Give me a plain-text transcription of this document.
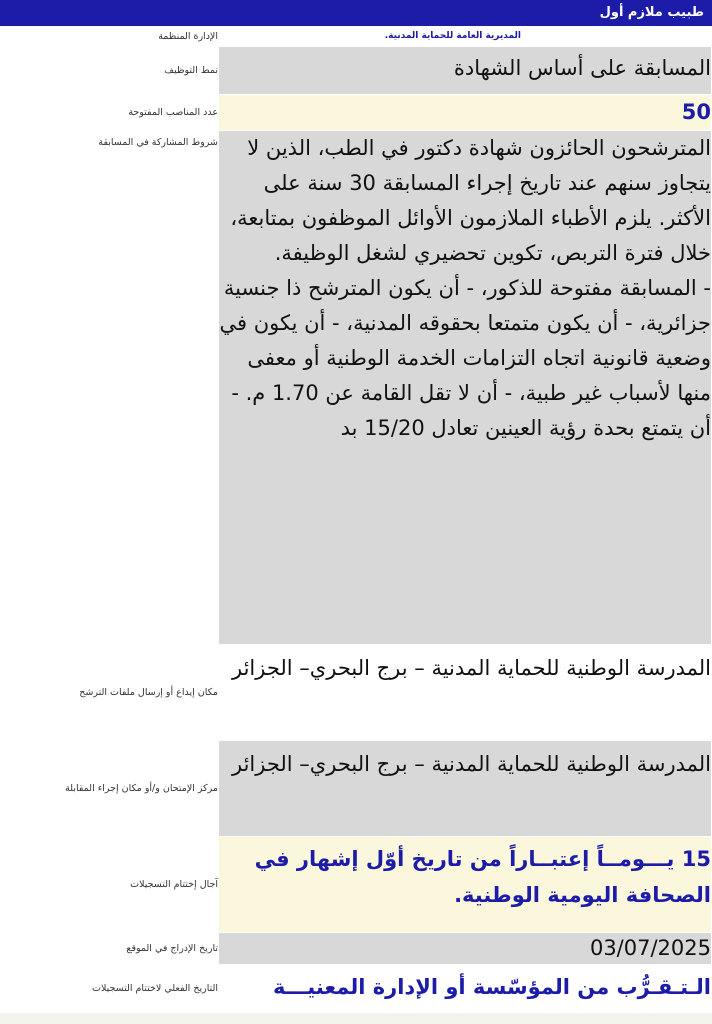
طبيب ملازم أول
المديرية العامة للحماية المدنية.	الإدارة المنظمة
المسابقة على أساس الشهادة	نمط التوظيف
50	عدد المناصب المفتوحة

المترشحون الحائزون شهادة دكتور في الطب، الذين لا يتجاوز سنهم عند تاريخ إجراء المسابقة 30 سنة على الأكثر. يلزم الأطباء الملازمون الأوائل الموظفون بمتابعة، خلال فترة التربص، تكوين تحضيري لشغل الوظيفة.

- المسابقة مفتوحة للذكور، - أن يكون المترشح ذا جنسية جزائرية، - أن يكون متمتعا بحقوقه المدنية، - أن يكون في وضعية قانونية اتجاه التزامات الخدمة الوطنية أو معفى منها لأسباب غير طبية، - أن لا تقل القامة عن 1.70 م. - أن يتمتع بحدة رؤية العينين تعادل 15/20 بد	شروط المشاركة في المسابقة
المدرسة الوطنية للحماية المدنية – برج البحري– الجزائر	مكان إيداع أو إرسال ملفات الترشح
المدرسة الوطنية للحماية المدنية – برج البحري– الجزائر	مركز الإمتحان و/أو مكان إجراء المقابلة

15 يـــومــاً إعتبــاراً من تاريخ أوّل إشهار في الصحافة اليومية الوطنية.	آجال إختتام التسجيلات
03/07/2025	تاريخ الإدراج في الموقع

الـتـقـرُّب من المؤسّسة أو الإدارة المعنيـــة	التاريخ الفعلي لاختتام التسجيلات
